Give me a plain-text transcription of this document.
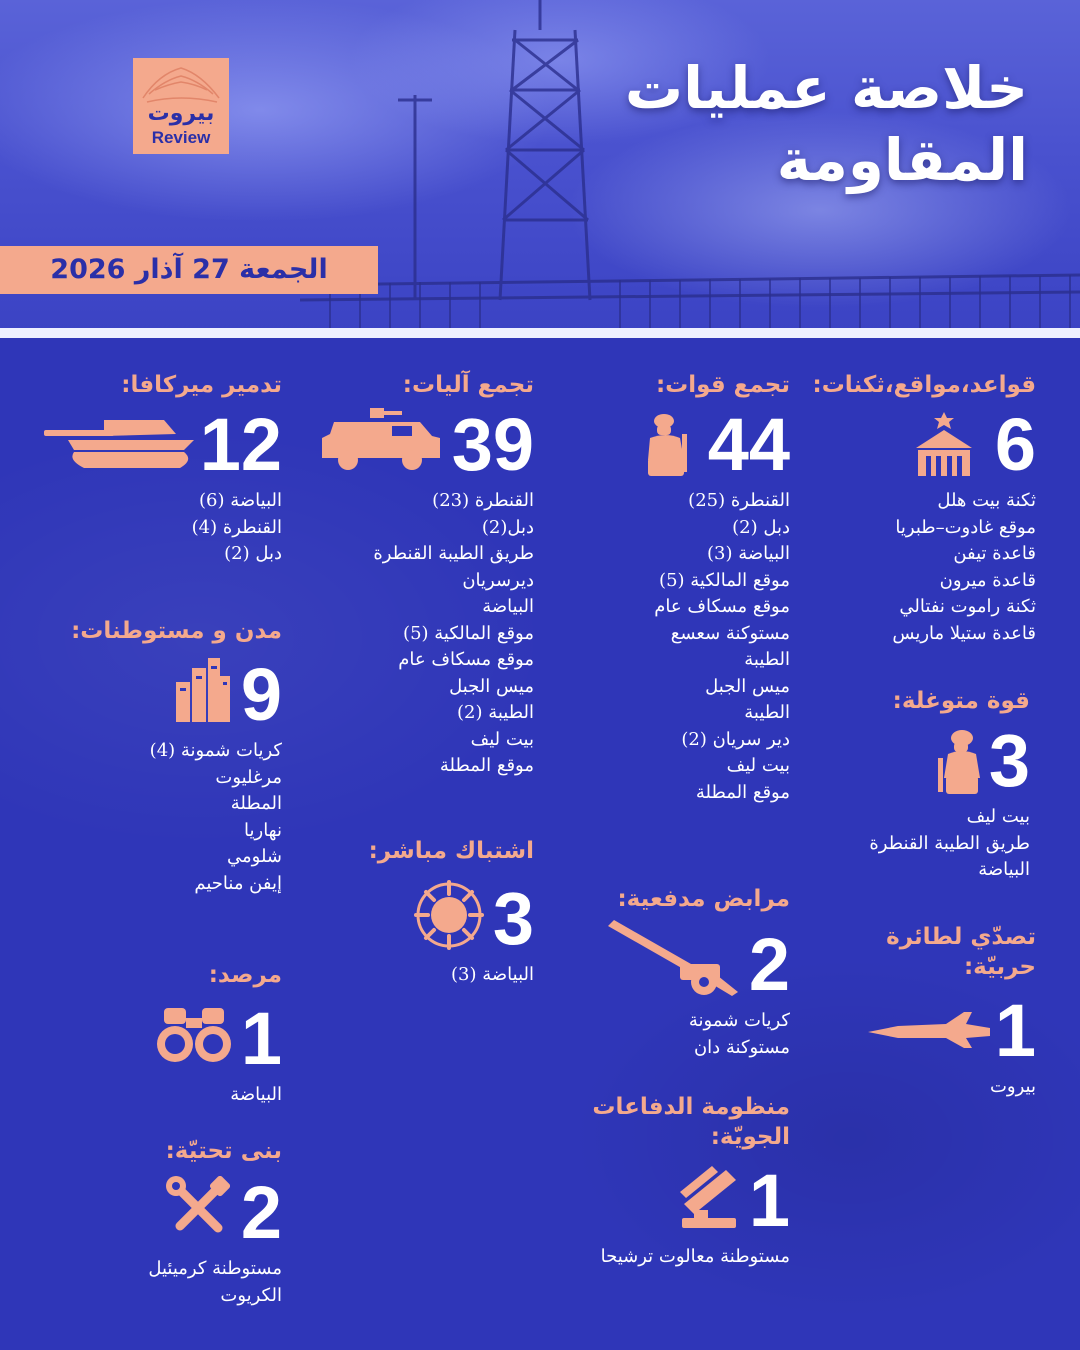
بيروت
Review
خلاصة عمليات
المقاومة
الجمعة 27 آذار 2026
قواعد،مواقع،ثكنات:
6
ثكنة بيت هلل
موقع غادوت–طبريا
قاعدة تيفن
قاعدة ميرون
ثكنة راموت نفتالي
قاعدة ستيلا ماريس
قوة متوغلة:
3
بيت ليف
طريق الطيبة القنطرة
البياضة
تصدّي لطائرة
حربيّة:
1
بيروت
تجمع قوات:
44
القنطرة (25)
دبل (2)
البياضة (3)
موقع المالكية (5)
موقع مسكاف عام
مستوكنة سعسع
الطيبة
ميس الجبل
الطيبة
دير سريان (2)
بيت ليف
موقع المطلة
مرابض مدفعية:
2
كريات شمونة
مستوكنة دان
منظومة الدفاعات
الجويّة:
1
مستوطنة معالوت ترشيحا
تجمع آليات:
39
القنطرة (23)
دبل(2)
طريق الطيبة القنطرة
ديرسريان
البياضة
موقع المالكية (5)
موقع مسكاف عام
ميس الجبل
الطيبة (2)
بيت ليف
موقع المطلة
اشتباك مباشر:
3
البياضة (3)
تدمير ميركافا:
12
البياضة (6)
القنطرة (4)
دبل (2)
مدن و مستوطنات:
9
كريات شمونة (4)
مرغليوت
المطلة
نهاريا
شلومي
إيفن مناحيم
مرصد:
1
البياضة
بنى تحتيّة:
2
مستوطنة كرميئيل
الكريوت
